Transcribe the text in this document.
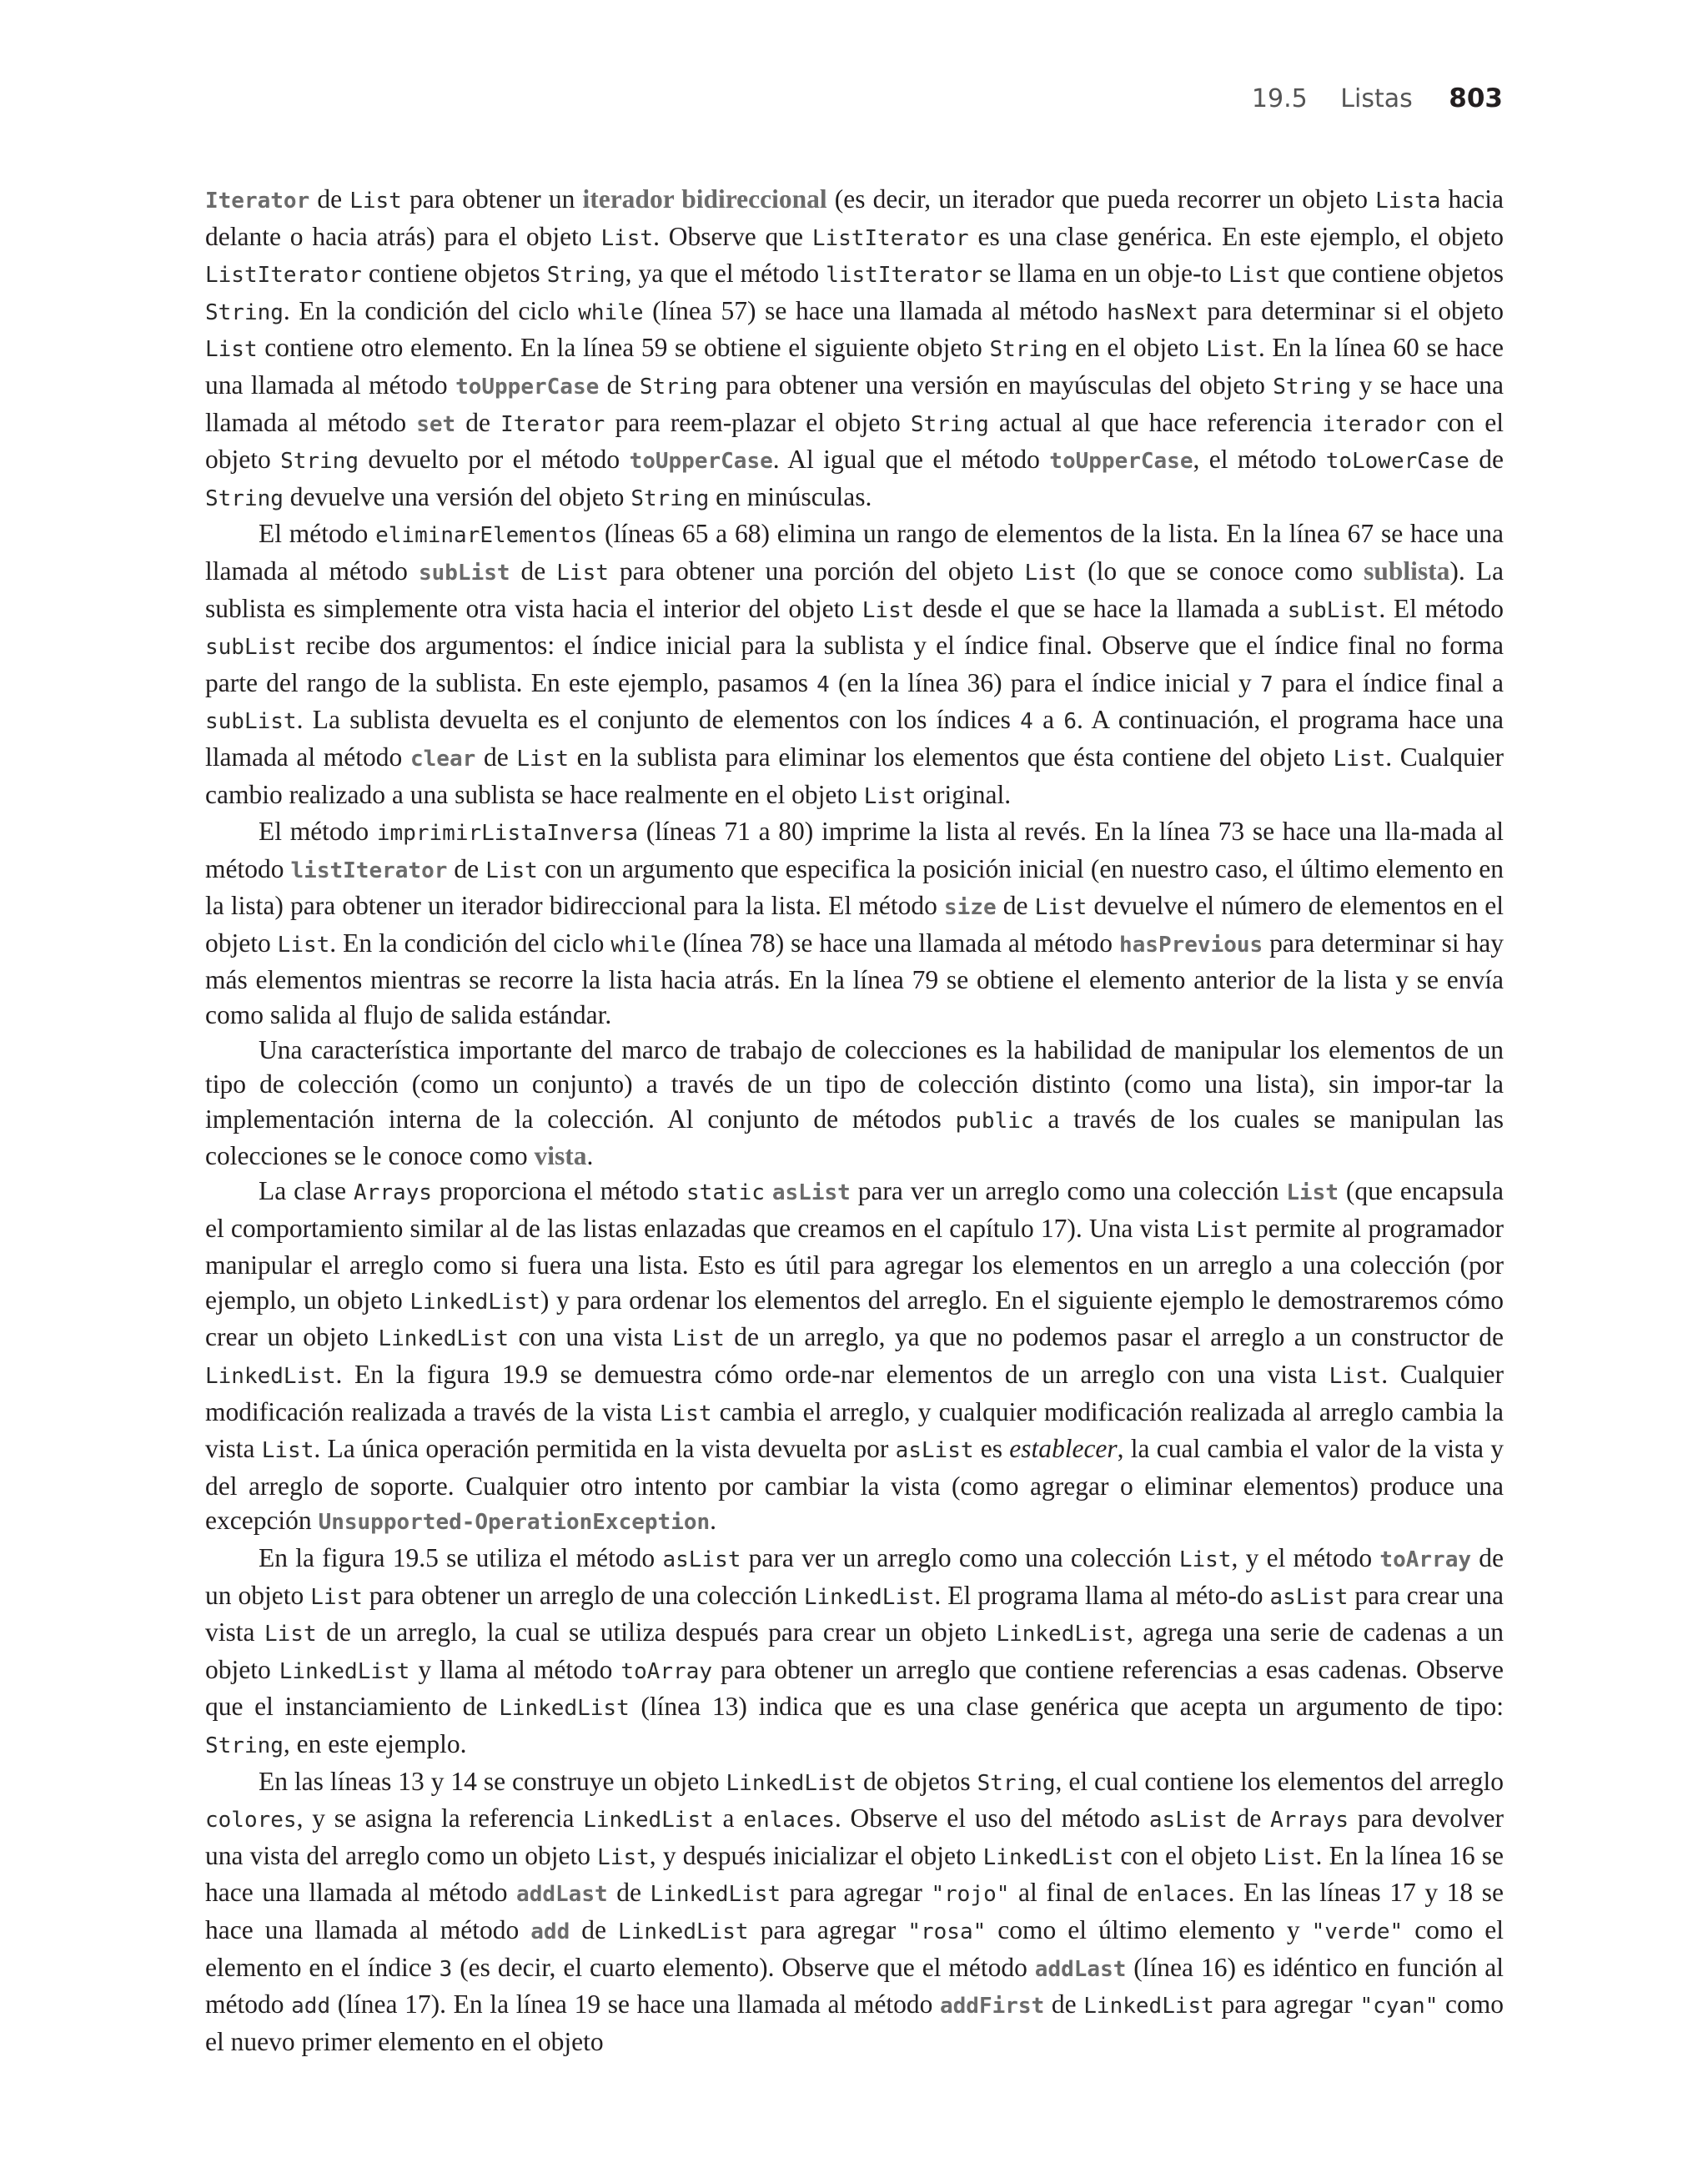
19.5 Listas 803

Iterator de List para obtener un iterador bidireccional (es decir, un iterador que pueda recorrer un objeto Lista hacia delante o hacia atrás) para el objeto List. Observe que ListIterator es una clase genérica. En este ejemplo, el objeto ListIterator contiene objetos String, ya que el método listIterator se llama en un obje-to List que contiene objetos String. En la condición del ciclo while (línea 57) se hace una llamada al método hasNext para determinar si el objeto List contiene otro elemento. En la línea 59 se obtiene el siguiente objeto String en el objeto List. En la línea 60 se hace una llamada al método toUpperCase de String para obtener una versión en mayúsculas del objeto String y se hace una llamada al método set de Iterator para reem-plazar el objeto String actual al que hace referencia iterador con el objeto String devuelto por el método toUpperCase. Al igual que el método toUpperCase, el método toLowerCase de String devuelve una versión del objeto String en minúsculas.

El método eliminarElementos (líneas 65 a 68) elimina un rango de elementos de la lista. En la línea 67 se hace una llamada al método subList de List para obtener una porción del objeto List (lo que se conoce como sublista). La sublista es simplemente otra vista hacia el interior del objeto List desde el que se hace la llamada a subList. El método subList recibe dos argumentos: el índice inicial para la sublista y el índice final. Observe que el índice final no forma parte del rango de la sublista. En este ejemplo, pasamos 4 (en la línea 36) para el índice inicial y 7 para el índice final a subList. La sublista devuelta es el conjunto de elementos con los índices 4 a 6. A continuación, el programa hace una llamada al método clear de List en la sublista para eliminar los elementos que ésta contiene del objeto List. Cualquier cambio realizado a una sublista se hace realmente en el objeto List original.

El método imprimirListaInversa (líneas 71 a 80) imprime la lista al revés. En la línea 73 se hace una lla-mada al método listIterator de List con un argumento que especifica la posición inicial (en nuestro caso, el último elemento en la lista) para obtener un iterador bidireccional para la lista. El método size de List devuelve el número de elementos en el objeto List. En la condición del ciclo while (línea 78) se hace una llamada al método hasPrevious para determinar si hay más elementos mientras se recorre la lista hacia atrás. En la línea 79 se obtiene el elemento anterior de la lista y se envía como salida al flujo de salida estándar.

Una característica importante del marco de trabajo de colecciones es la habilidad de manipular los elementos de un tipo de colección (como un conjunto) a través de un tipo de colección distinto (como una lista), sin impor-tar la implementación interna de la colección. Al conjunto de métodos public a través de los cuales se manipulan las colecciones se le conoce como vista.

La clase Arrays proporciona el método static asList para ver un arreglo como una colección List (que encapsula el comportamiento similar al de las listas enlazadas que creamos en el capítulo 17). Una vista List permite al programador manipular el arreglo como si fuera una lista. Esto es útil para agregar los elementos en un arreglo a una colección (por ejemplo, un objeto LinkedList) y para ordenar los elementos del arreglo. En el siguiente ejemplo le demostraremos cómo crear un objeto LinkedList con una vista List de un arreglo, ya que no podemos pasar el arreglo a un constructor de LinkedList. En la figura 19.9 se demuestra cómo orde-nar elementos de un arreglo con una vista List. Cualquier modificación realizada a través de la vista List cambia el arreglo, y cualquier modificación realizada al arreglo cambia la vista List. La única operación permitida en la vista devuelta por asList es establecer, la cual cambia el valor de la vista y del arreglo de soporte. Cualquier otro intento por cambiar la vista (como agregar o eliminar elementos) produce una excepción Unsupported-OperationException.

En la figura 19.5 se utiliza el método asList para ver un arreglo como una colección List, y el método toArray de un objeto List para obtener un arreglo de una colección LinkedList. El programa llama al méto-do asList para crear una vista List de un arreglo, la cual se utiliza después para crear un objeto LinkedList, agrega una serie de cadenas a un objeto LinkedList y llama al método toArray para obtener un arreglo que contiene referencias a esas cadenas. Observe que el instanciamiento de LinkedList (línea 13) indica que es una clase genérica que acepta un argumento de tipo: String, en este ejemplo.

En las líneas 13 y 14 se construye un objeto LinkedList de objetos String, el cual contiene los elementos del arreglo colores, y se asigna la referencia LinkedList a enlaces. Observe el uso del método asList de Arrays para devolver una vista del arreglo como un objeto List, y después inicializar el objeto LinkedList con el objeto List. En la línea 16 se hace una llamada al método addLast de LinkedList para agregar "rojo" al final de enlaces. En las líneas 17 y 18 se hace una llamada al método add de LinkedList para agregar "rosa" como el último elemento y "verde" como el elemento en el índice 3 (es decir, el cuarto elemento). Observe que el método addLast (línea 16) es idéntico en función al método add (línea 17). En la línea 19 se hace una llamada al método addFirst de LinkedList para agregar "cyan" como el nuevo primer elemento en el objeto
